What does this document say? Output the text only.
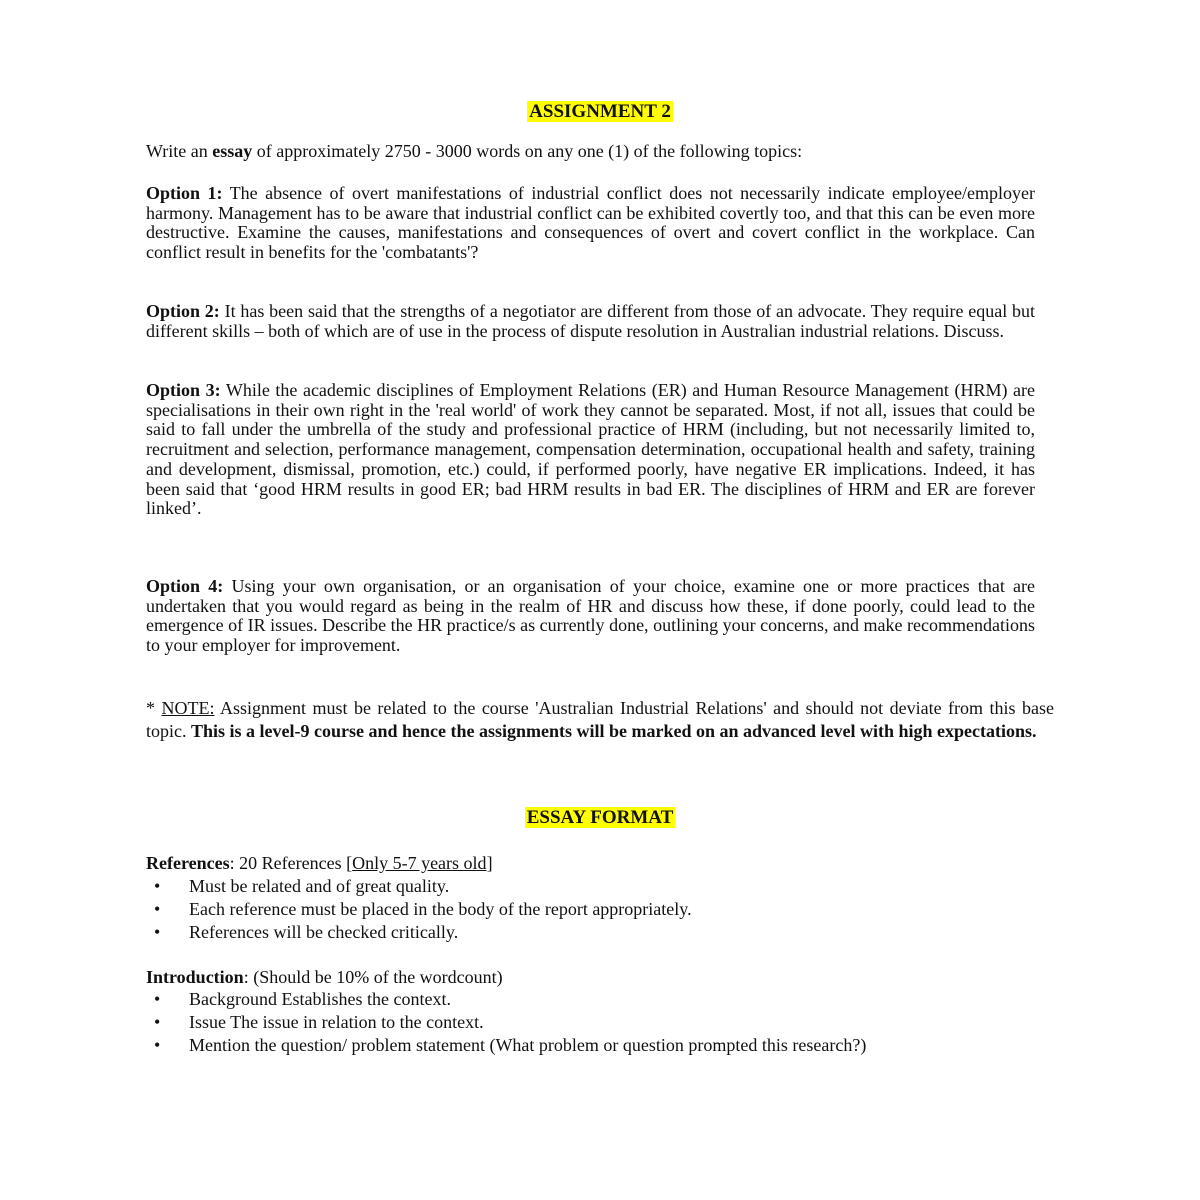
ASSIGNMENT 2

Write an essay of approximately 2750 - 3000 words on any one (1) of the following topics:

Option 1: The absence of overt manifestations of industrial conflict does not necessarily indicate employee/employer harmony. Management has to be aware that industrial conflict can be exhibited covertly too, and that this can be even more destructive. Examine the causes, manifestations and consequences of overt and covert conflict in the workplace. Can conflict result in benefits for the 'combatants'?

Option 2: It has been said that the strengths of a negotiator are different from those of an advocate. They require equal but different skills – both of which are of use in the process of dispute resolution in Australian industrial relations. Discuss.

Option 3: While the academic disciplines of Employment Relations (ER) and Human Resource Management (HRM) are specialisations in their own right in the 'real world' of work they cannot be separated. Most, if not all, issues that could be said to fall under the umbrella of the study and professional practice of HRM (including, but not necessarily limited to, recruitment and selection, performance management, compensation determination, occupational health and safety, training and development, dismissal, promotion, etc.) could, if performed poorly, have negative ER implications. Indeed, it has been said that ‘good HRM results in good ER; bad HRM results in bad ER. The disciplines of HRM and ER are forever linked’.

Option 4: Using your own organisation, or an organisation of your choice, examine one or more practices that are undertaken that you would regard as being in the realm of HR and discuss how these, if done poorly, could lead to the emergence of IR issues. Describe the HR practice/s as currently done, outlining your concerns, and make recommendations to your employer for improvement.

* NOTE: Assignment must be related to the course 'Australian Industrial Relations' and should not deviate from this base topic. This is a level-9 course and hence the assignments will be marked on an advanced level with high expectations.

ESSAY FORMAT
References: 20 References [Only 5-7 years old]
• Must be related and of great quality.
• Each reference must be placed in the body of the report appropriately.
• References will be checked critically.
Introduction: (Should be 10% of the wordcount)
• Background Establishes the context.
• Issue The issue in relation to the context.
• Mention the question/ problem statement (What problem or question prompted this research?)
